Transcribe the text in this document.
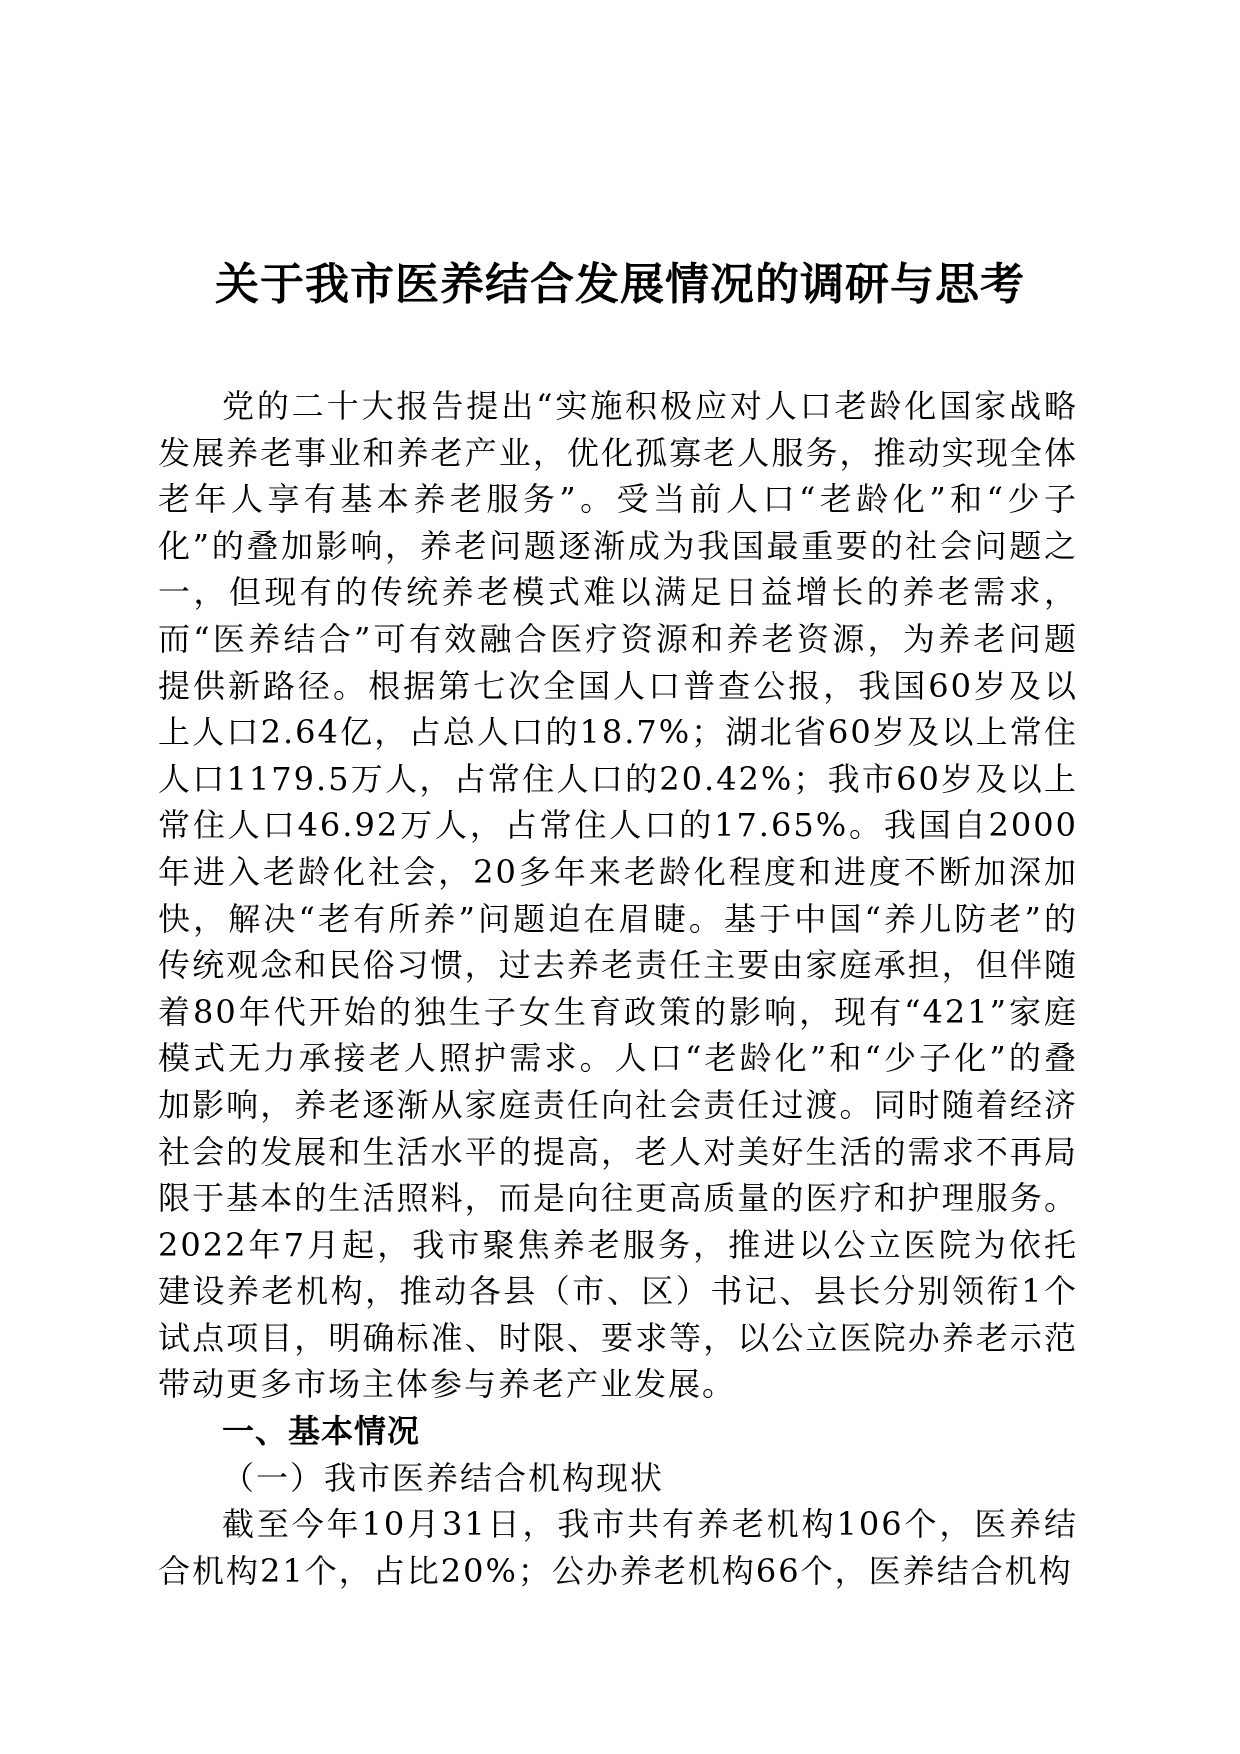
关于我市医养结合发展情况的调研与思考

党的二十大报告提出“实施积极应对人口老龄化国家战略发展养老事业和养老产业，优化孤寡老人服务，推动实现全体老年人享有基本养老服务”。受当前人口“老龄化”和“少子化”的叠加影响，养老问题逐渐成为我国最重要的社会问题之一，但现有的传统养老模式难以满足日益增长的养老需求，而“医养结合”可有效融合医疗资源和养老资源，为养老问题提供新路径。根据第七次全国人口普查公报，我国60岁及以上人口2.64亿，占总人口的18.7%；湖北省60岁及以上常住人口1179.5万人，占常住人口的20.42%；我市60岁及以上常住人口46.92万人，占常住人口的17.65%。我国自2000年进入老龄化社会，20多年来老龄化程度和进度不断加深加快，解决“老有所养”问题迫在眉睫。基于中国“养儿防老”的传统观念和民俗习惯，过去养老责任主要由家庭承担，但伴随着80年代开始的独生子女生育政策的影响，现有“421”家庭模式无力承接老人照护需求。人口“老龄化”和“少子化”的叠加影响，养老逐渐从家庭责任向社会责任过渡。同时随着经济社会的发展和生活水平的提高，老人对美好生活的需求不再局限于基本的生活照料，而是向往更高质量的医疗和护理服务。2022年7月起，我市聚焦养老服务，推进以公立医院为依托建设养老机构，推动各县（市、区）书记、县长分别领衔1个试点项目，明确标准、时限、要求等，以公立医院办养老示范带动更多市场主体参与养老产业发展。

一、基本情况

（一）我市医养结合机构现状

截至今年10月31日，我市共有养老机构106个，医养结合机构21个，占比20%；公办养老机构66个，医养结合机构
